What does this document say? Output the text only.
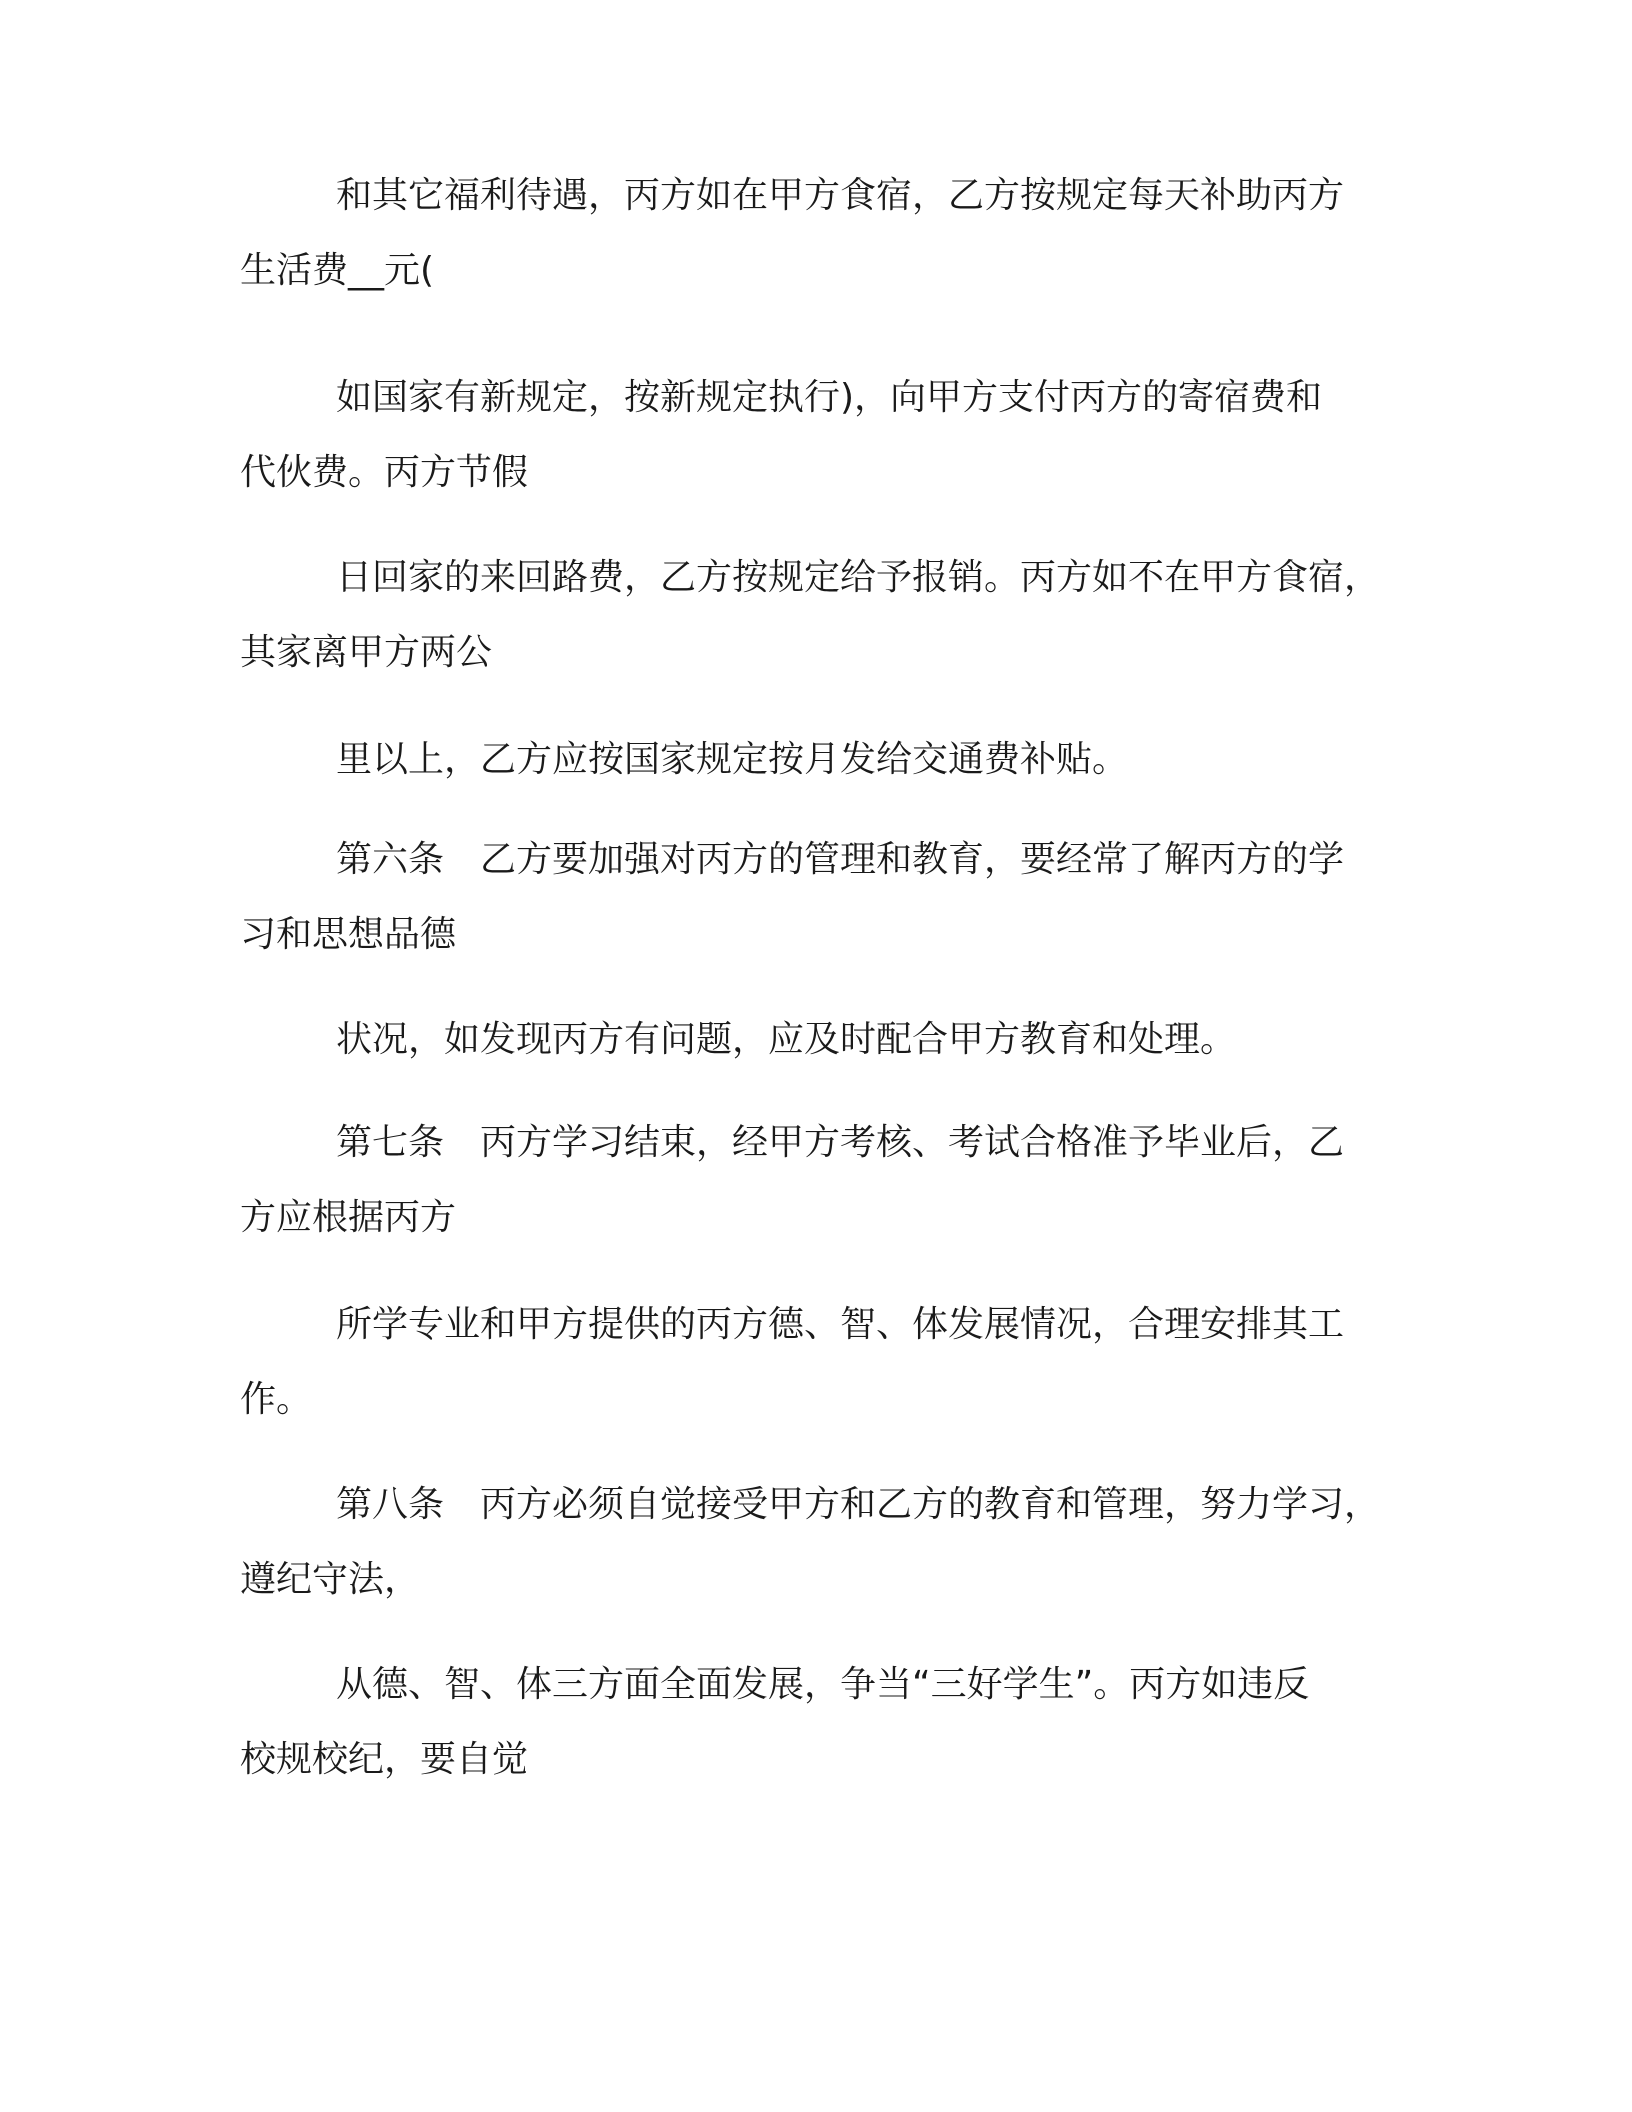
和其它福利待遇，丙方如在甲方食宿，乙方按规定每天补助丙方
生活费__元(
如国家有新规定，按新规定执行)，向甲方支付丙方的寄宿费和
代伙费。丙方节假
日回家的来回路费，乙方按规定给予报销。丙方如不在甲方食宿，
其家离甲方两公
里以上，乙方应按国家规定按月发给交通费补贴。
第六条　乙方要加强对丙方的管理和教育，要经常了解丙方的学
习和思想品德
状况，如发现丙方有问题，应及时配合甲方教育和处理。
第七条　丙方学习结束，经甲方考核、考试合格准予毕业后，乙
方应根据丙方
所学专业和甲方提供的丙方德、智、体发展情况，合理安排其工
作。
第八条　丙方必须自觉接受甲方和乙方的教育和管理，努力学习，
遵纪守法，
从德、智、体三方面全面发展，争当“三好学生”。丙方如违反
校规校纪，要自觉
